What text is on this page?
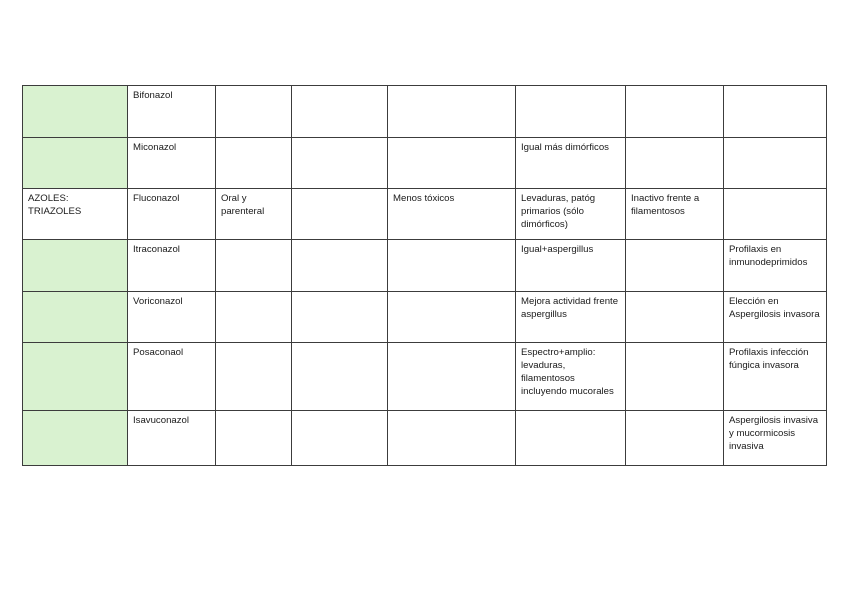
	Bifonazol						
	Miconazol				Igual más dimórficos		
AZOLES: TRIAZOLES	Fluconazol	Oral y parenteral		Menos tóxicos	Levaduras, patóg primarios (sólo dimórficos)	Inactivo frente a filamentosos	
	Itraconazol				Igual+aspergillus		Profilaxis en inmunodeprimidos
	Voriconazol				Mejora actividad frente aspergillus		Elección en Aspergilosis invasora
	Posaconaol				Espectro+amplio: levaduras, filamentosos incluyendo mucorales		Profilaxis infección fúngica invasora
	Isavuconazol						Aspergilosis invasiva y mucormicosis invasiva
